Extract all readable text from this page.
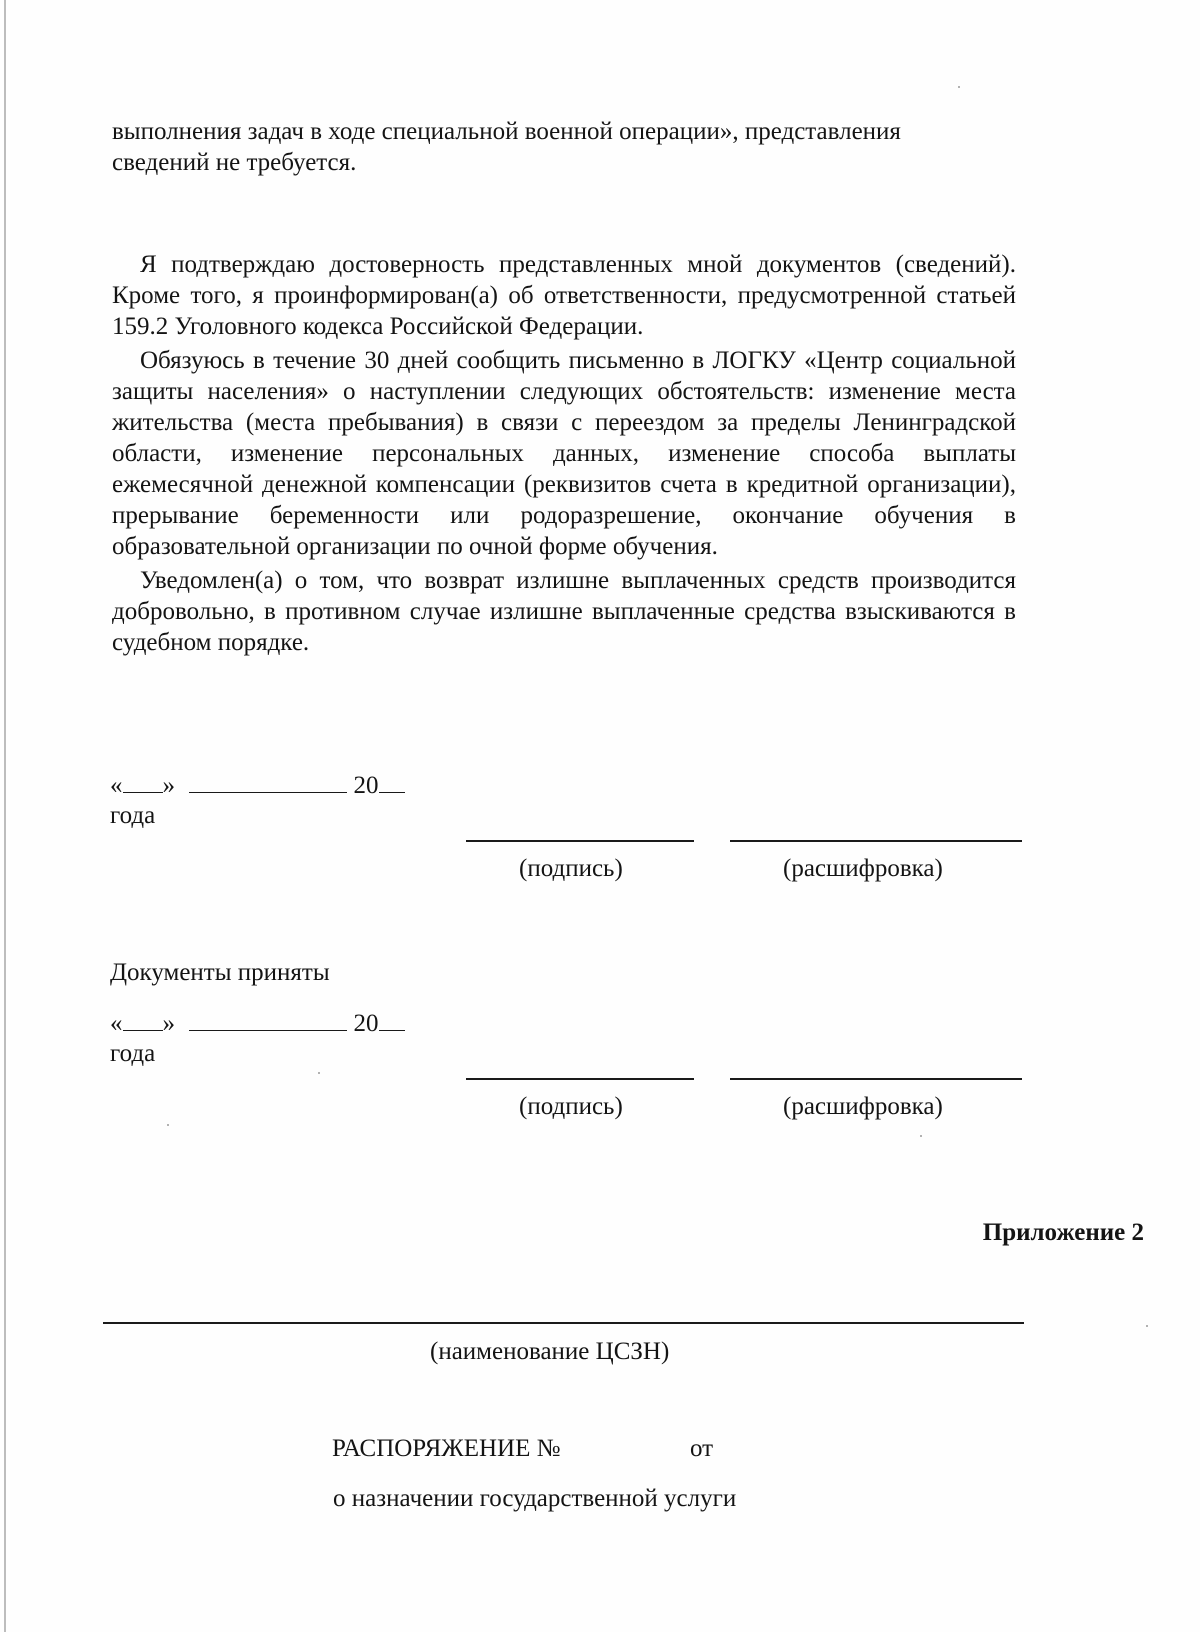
выполнения задач в ходе специальной военной операции», представления

сведений не требуется.

Я подтверждаю достоверность представленных мной документов (сведений). Кроме того, я проинформирован(а) об ответственности, предусмотренной статьей 159.2 Уголовного кодекса Российской Федерации.

Обязуюсь в течение 30 дней сообщить письменно в ЛОГКУ «Центр социальной защиты населения» о наступлении следующих обстоятельств: изменение места жительства (места пребывания) в связи с переездом за пределы Ленинградской области, изменение персональных данных, изменение способа выплаты ежемесячной денежной компенсации (реквизитов счета в кредитной организации), прерывание беременности или родоразрешение, окончание обучения в образовательной организации по очной форме обучения.

Уведомлен(а) о том, что возврат излишне выплаченных средств производится добровольно, в противном случае излишне выплаченные средства взыскиваются в судебном порядке.

« »	20
года
(подпись)	(расшифровка)
Документы приняты
« »	20
года
(подпись)	(расшифровка)
Приложение 2
(наименование ЦСЗН)
РАСПОРЯЖЕНИЕ №	от
о назначении государственной услуги
